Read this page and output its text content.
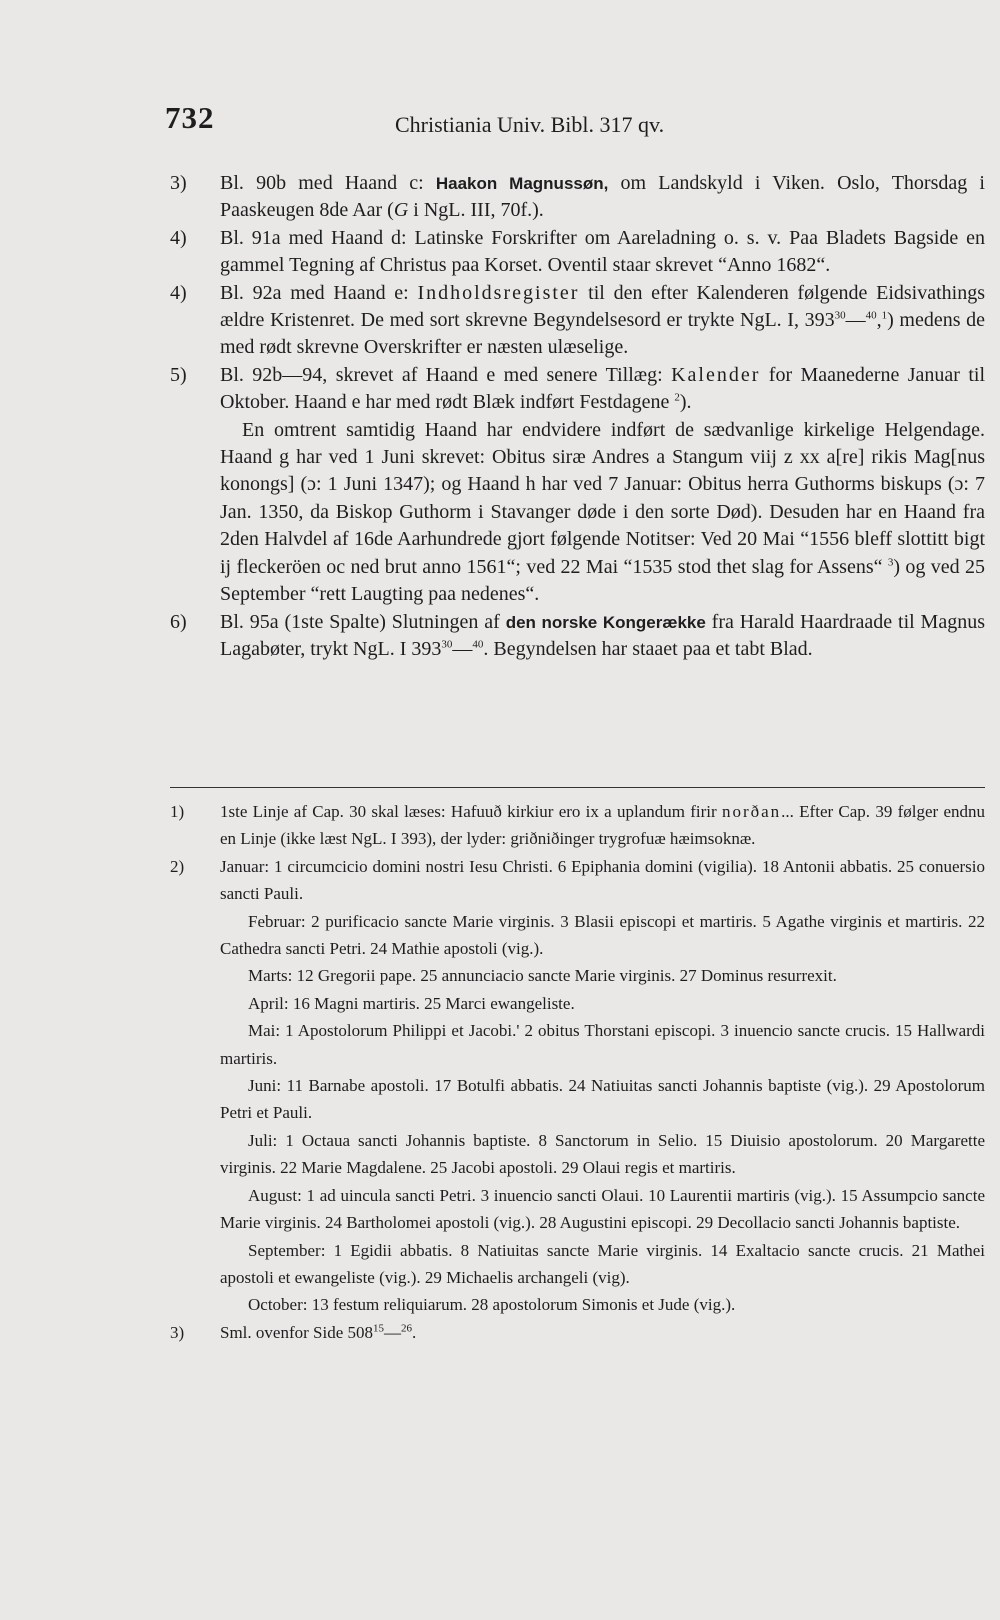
732	Christiania Univ. Bibl. 317 qv.
3) Bl. 90b med Haand c: Haakon Magnussøn, om Landskyld i Viken. Oslo, Thorsdag i Paaskeugen 8de Aar (G i NgL. III, 70f.).
4) Bl. 91a med Haand d: Latinske Forskrifter om Aareladning o. s. v. Paa Bladets Bagside en gammel Tegning af Christus paa Korset. Oventil staar skrevet “Anno 1682“.
4) Bl. 92a med Haand e: Indholdsregister til den efter Kalenderen følgende Eidsivathings ældre Kristenret. De med sort skrevne Begyndelsesord er trykte NgL. I, $393^{30}—^{40},^1$) medens de med rødt skrevne Overskrifter er næsten ulæselige.
5) Bl. 92b—94, skrevet af Haand e med senere Tillæg: Kalender for Maanederne Januar til Oktober. Haand e har med rødt Blæk indført Festdagene $^2$).
En omtrent samtidig Haand har endvidere indført de sædvanlige kirkelige Helgendage. Haand g har ved 1 Juni skrevet: Obitus siræ Andres a Stangum viij z xx a[re] rikis Mag[nus konongs] (ɔ: 1 Juni 1347); og Haand h har ved 7 Januar: Obitus herra Guthorms biskups (ɔ: 7 Jan. 1350, da Biskop Guthorm i Stavanger døde i den sorte Død). Desuden har en Haand fra 2den Halvdel af 16de Aarhundrede gjort følgende Notitser: Ved 20 Mai “1556 bleff slottitt bigt ij fleckeröen oc ned brut anno 1561“; ved 22 Mai “1535 stod thet slag for Assens“ $^3$) og ved 25 September “rett Laugting paa nedenes“.
6) Bl. 95a (1ste Spalte) Slutningen af den norske Kongerække fra Harald Haardraade til Magnus Lagabøter, trykt NgL. I $393^{30}—^{40}$. Begyndelsen har staaet paa et tabt Blad.
1) 1ste Linje af Cap. 30 skal læses: Hafuuð kirkiur ero ix a uplandum firir norðan... Efter Cap. 39 følger endnu en Linje (ikke læst NgL. I 393), der lyder: griðniðinger trygrofuæ hæimsoknæ.
2) Januar: 1 circumcicio domini nostri Iesu Christi. 6 Epiphania domini (vigilia). 18 Antonii abbatis. 25 conuersio sancti Pauli.
Februar: 2 purificacio sancte Marie virginis. 3 Blasii episcopi et martiris. 5 Agathe virginis et martiris. 22 Cathedra sancti Petri. 24 Mathie apostoli (vig.).
Marts: 12 Gregorii pape. 25 annunciacio sancte Marie virginis. 27 Dominus resurrexit.
April: 16 Magni martiris. 25 Marci ewangeliste.
Mai: 1 Apostolorum Philippi et Jacobi.' 2 obitus Thorstani episcopi. 3 inuencio sancte crucis. 15 Hallwardi martiris.
Juni: 11 Barnabe apostoli. 17 Botulfi abbatis. 24 Natiuitas sancti Johannis baptiste (vig.). 29 Apostolorum Petri et Pauli.
Juli: 1 Octaua sancti Johannis baptiste. 8 Sanctorum in Selio. 15 Diuisio apostolorum. 20 Margarette virginis. 22 Marie Magdalene. 25 Jacobi apostoli. 29 Olaui regis et martiris.
August: 1 ad uincula sancti Petri. 3 inuencio sancti Olaui. 10 Laurentii martiris (vig.). 15 Assumpcio sancte Marie virginis. 24 Bartholomei apostoli (vig.). 28 Augustini episcopi. 29 Decollacio sancti Johannis baptiste.
September: 1 Egidii abbatis. 8 Natiuitas sancte Marie virginis. 14 Exaltacio sancte crucis. 21 Mathei apostoli et ewangeliste (vig.). 29 Michaelis archangeli (vig).
October: 13 festum reliquiarum. 28 apostolorum Simonis et Jude (vig.).
3) Sml. ovenfor Side $508^{15}—^{26}$.
